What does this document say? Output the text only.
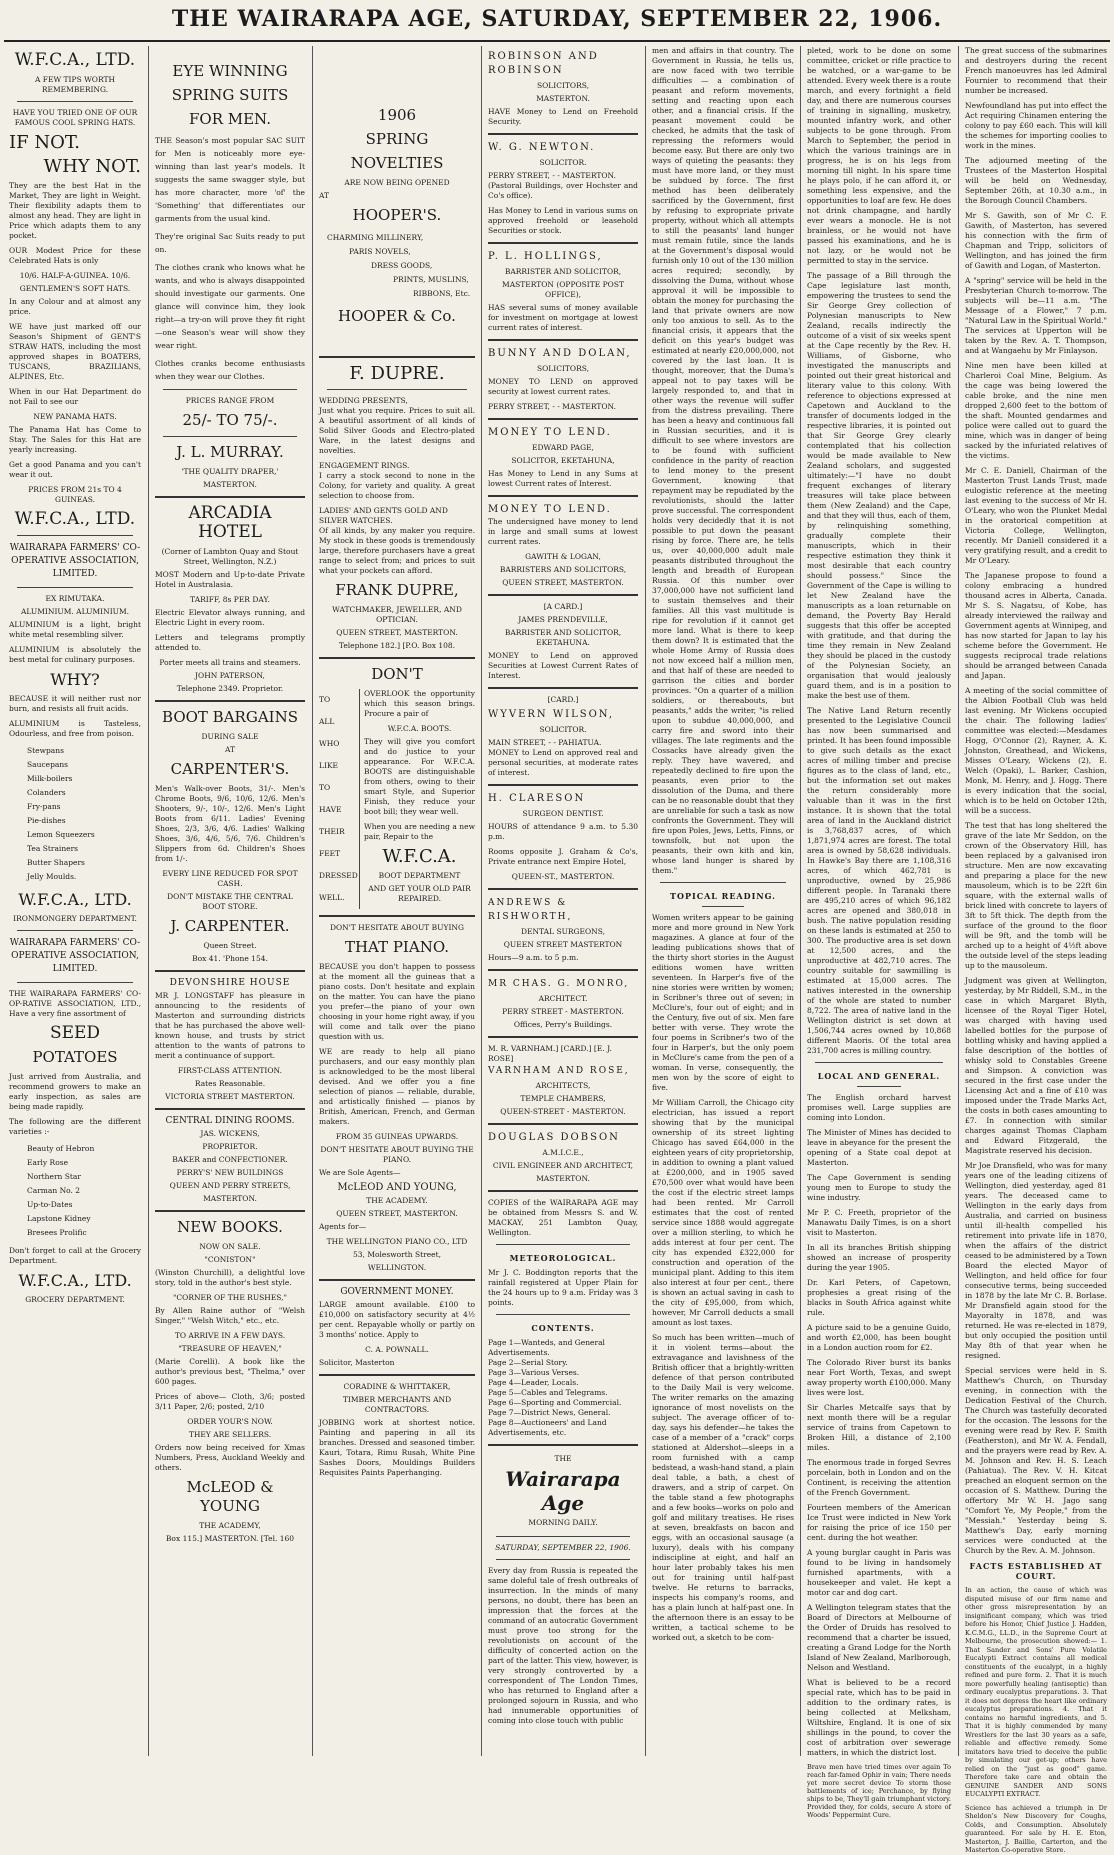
THE WAIRARAPA AGE, SATURDAY, SEPTEMBER 22, 1906.
W.F.C.A., LTD.
A FEW TIPS WORTH REMEMBERING.
HAVE YOU TRIED ONE OF OUR FAMOUS COOL SPRING HATS.
IF NOT.
WHY NOT.

They are the best Hat in the Market, They are light in Weight. Their flexibility adapts them to almost any head. They are light in Price which adapts them to any pocket.

OUR Modest Price for these Celebrated Hats is only

10/6. HALF-A-GUINEA. 10/6.
GENTLEMEN'S SOFT HATS.

In any Colour and at almost any price.

WE have just marked off our Season's Shipment of GENT'S STRAW HATS, including the most approved shapes in BOATERS, TUSCANS, BRAZILIANS, ALPINES, Etc.

When in our Hat Department do not Fail to see our

NEW PANAMA HATS.

The Panama Hat has Come to Stay. The Sales for this Hat are yearly increasing.

Get a good Panama and you can't wear it out.

PRICES FROM 21s TO 4 GUINEAS.
W.F.C.A., LTD.
WAIRARAPA FARMERS' CO-OPERATIVE ASSOCIATION, LIMITED.
EX RIMUTAKA.
ALUMINIUM. ALUMINIUM.

ALUMINIUM is a light, bright white metal resembling silver.

ALUMINIUM is absolutely the best metal for culinary purposes.

WHY?

BECAUSE it will neither rust nor burn, and resists all fruit acids.

ALUMINIUM is Tasteless, Odourless, and free from poison.

Stewpans
Saucepans
Milk-boilers
Colanders
Fry-pans
Pie-dishes
Lemon Squeezers
Tea Strainers
Butter Shapers
Jelly Moulds.
W.F.C.A., LTD.
IRONMONGERY DEPARTMENT.
WAIRARAPA FARMERS' CO-OPERATIVE ASSOCIATION, LIMITED.

THE WAIRARAPA FARMERS' CO-OP-RATIVE ASSOCIATION, LTD., Have a very fine assortment of

SEED
POTATOES

Just arrived from Australia, and recommend growers to make an early inspection, as sales are being made rapidly.

The following are the different varieties :-

Beauty of Hebron
Early Rose
Northern Star
Carman No. 2
Up-to-Dates
Lapstone Kidney
Bresees Prolific

Don't forget to call at the Grocery Department.

W.F.C.A., LTD.
GROCERY DEPARTMENT.
EYE WINNING
SPRING SUITS
FOR MEN.

THE Season's most popular SAC SUIT for Men is noticeably more eye-winning than last year's models. It suggests the same swagger style, but has more character, more 'of' the 'Something' that differentiates our garments from the usual kind.

They're original Sac Suits ready to put on.

The clothes crank who knows what he wants, and who is always disappointed should investigate our garments. One glance will convince him, they look right—a try-on will prove they fit right—one Season's wear will show they wear right.

Clothes cranks become enthusiasts when they wear our Clothes.

PRICES RANGE FROM
25/- TO 75/-.
J. L. MURRAY.
'THE QUALITY DRAPER,'
MASTERTON.
ARCADIA HOTEL
(Corner of Lambton Quay and Stout Street, Wellington, N.Z.)

MOST Modern and Up-to-date Private Hotel in Australasia.

TARIFF, 8s PER DAY.

Electric Elevator always running, and Electric Light in every room.

Letters and telegrams promptly attended to.

Porter meets all trains and steamers.
JOHN PATERSON,
Telephone 2349. Proprietor.
BOOT BARGAINS
DURING SALE
AT
CARPENTER'S.

Men's Walk-over Boots, 31/-. Men's Chrome Boots, 9/6, 10/6, 12/6. Men's Shooters, 9/-, 10/-, 12/6. Men's Light Boots from 6/11. Ladies' Evening Shoes, 2/3, 3/6, 4/6. Ladies' Walking Shoes, 3/6, 4/6, 5/6, 7/6. Children's Slippers from 6d. Children's Shoes from 1/-.

EVERY LINE REDUCED FOR SPOT CASH.
DON'T MISTAKE THE CENTRAL BOOT STORE.
J. CARPENTER.
Queen Street.
Box 41. 'Phone 154.
DEVONSHIRE HOUSE

MR J. LONGSTAFF has pleasure in announcing to the residents of Masterton and surrounding districts that he has purchased the above well-known house, and trusts by strict attention to the wants of patrons to merit a continuance of support.

FIRST-CLASS ATTENTION.
Rates Reasonable.
VICTORIA STREET MASTERTON.
CENTRAL DINING ROOMS.
JAS. WICKENS,
PROPRIETOR.
BAKER and CONFECTIONER.
PERRY'S' NEW BUILDINGS
QUEEN AND PERRY STREETS,
MASTERTON.
NEW BOOKS.
NOW ON SALE.
"CONISTON"

(Winston Churchill), a delightful love story, told in the author's best style.

"CORNER OF THE RUSHES,"

By Allen Raine author of "Welsh Singer," "Welsh Witch," etc., etc.

TO ARRIVE IN A FEW DAYS.
"TREASURE OF HEAVEN,"

(Marie Corelli). A book like the author's previous best, "Thelma," over 600 pages.

Prices of above— Cloth, 3/6; posted 3/11 Paper, 2/6; posted, 2/10

ORDER YOUR'S NOW.
THEY ARE SELLERS.

Orders now being received for Xmas Numbers, Press, Auckland Weekly and others.

McLEOD & YOUNG
THE ACADEMY,
Box 115.] MASTERTON. [Tel. 160
1906
SPRING
NOVELTIES
ARE NOW BEING OPENED
AT
HOOPER'S.
CHARMING MILLINERY,
PARIS NOVELS,
DRESS GOODS,
PRINTS, MUSLINS,
RIBBONS, Etc.
HOOPER & Co.
F. DUPRE.
WEDDING PRESENTS,

Just what you require. Prices to suit all. A beautiful assortment of all kinds of Solid Silver Goods and Electro-plated Ware, in the latest designs and novelties.

ENGAGEMENT RINGS.

I carry a stock second to none in the Colony, for variety and quality. A great selection to choose from.

LADIES' AND GENTS GOLD AND SILVER WATCHES.

Of all kinds, by any maker you require. My stock in these goods is tremendously large, therefore purchasers have a great range to select from; and prices to suit what your pockets can afford.

FRANK DUPRE,
WATCHMAKER, JEWELLER, AND OPTICIAN.
QUEEN STREET, MASTERTON.
Telephone 182.] [P.O. Box 108.
DON'T
TO
ALL
WHO
LIKE
TO
HAVE
THEIR
FEET
DRESSED
WELL.

OVERLOOK the opportunity which this season brings. Procure a pair of

W.F.C.A. BOOTS.

They will give you comfort and do justice to your appearance. For W.F.C.A. BOOTS are distinguishable from others, owing to their smart Style, and Superior Finish, they reduce your boot bill; they wear well.

When you are needing a new pair, Repair to the

W.F.C.A.
BOOT DEPARTMENT
AND GET YOUR OLD PAIR REPAIRED.
DON'T HESITATE ABOUT BUYING
THAT PIANO.

BECAUSE you don't happen to possess at the moment all the guineas that a piano costs. Don't hesitate and explain on the matter. You can have the piano you prefer—the piano of your own choosing in your home right away, if you will come and talk over the piano question with us.

WE are ready to help all piano purchasers, and our easy monthly plan is acknowledged to be the most liberal devised. And we offer you a fine selection of pianos — reliable, durable, and artistically finished — pianos by British, American, French, and German makers.

FROM 35 GUINEAS UPWARDS.
DON'T HESITATE ABOUT BUYING THE PIANO.

We are Sole Agents—

McLEOD AND YOUNG,
THE ACADEMY.
QUEEN STREET, MASTERTON.

Agents for—

THE WELLINGTON PIANO CO., LTD
53, Molesworth Street,
WELLINGTON.
GOVERNMENT MONEY.

LARGE amount available. £100 to £10,000 on satisfactory security at 4½ per cent. Repayable wholly or partly on 3 months' notice. Apply to

C. A. POWNALL.

Solicitor, Masterton

CORADINE & WHITTAKER,
TIMBER MERCHANTS AND CONTRACTORS.

JOBBING work at shortest notice. Painting and papering in all its branches. Dressed and seasoned timber. Kauri, Totara, Rimu Rusah, White Pine Sashes Doors, Mouldings Builders Requisites Paints Paperhanging.

ROBINSON AND ROBINSON
SOLICITORS,
MASTERTON.

HAVE Money to Lend on Freehold Security.

W. G. NEWTON.
SOLICITOR.
PERRY STREET, - - MASTERTON.

(Pastoral Buildings, over Hochster and Co's office).

Has Money to Lend in various sums on approved freehold or leasehold Securities or stock.

P. L. HOLLINGS,
BARRISTER AND SOLICITOR,
MASTERTON (OPPOSITE POST OFFICE),

HAS several sums of money available for investment on mortgage at lowest current rates of interest.

BUNNY AND DOLAN,
SOLICITORS,

MONEY TO LEND on approved security at lowest current rates.

PERRY STREET, - - MASTERTON.
MONEY TO LEND.
EDWARD PAGE,
SOLICITOR, EKETAHUNA,

Has Money to Lend in any Sums at lowest Current rates of Interest.

MONEY TO LEND.

The undersigned have money to lend in large and small sums at lowest current rates.

GAWITH & LOGAN,
BARRISTERS AND SOLICITORS,
QUEEN STREET, MASTERTON.
[A CARD.]
JAMES PRENDEVILLE,
BARRISTER AND SOLICITOR, EKETAHUNA.

MONEY to Lend on approved Securities at Lowest Current Rates of Interest.

[CARD.]
WYVERN WILSON,
SOLICITOR.
MAIN STREET, - - PAHIATUA.

MONEY to Lend on approved real and personal securities, at moderate rates of interest.

H. CLARESON
SURGEON DENTIST.

HOURS of attendance 9 a.m. to 5.30 p.m.

Rooms opposite J. Graham & Co's, Private entrance next Empire Hotel,

QUEEN-ST., MASTERTON.
ANDREWS & RISHWORTH,
DENTAL SURGEONS,
QUEEN STREET MASTERTON

Hours—9 a.m. to 5 p.m.

MR CHAS. G. MONRO,
ARCHITECT.
PERRY STREET - MASTERTON.
Offices, Perry's Buildings.
M. R. VARNHAM.] [CARD.] [E. J. ROSE]
VARNHAM AND ROSE,
ARCHITECTS,
TEMPLE CHAMBERS,
QUEEN-STREET - MASTERTON.
DOUGLAS DOBSON
A.M.I.C.E.,
CIVIL ENGINEER AND ARCHITECT,
MASTERTON.

COPIES of the WAIRARAPA AGE may be obtained from Messrs S. and W. MACKAY, 251 Lambton Quay, Wellington.

METEOROLOGICAL.

Mr J. C. Boddington reports that the rainfall registered at Upper Plain for the 24 hours up to 9 a.m. Friday was 3 points.

CONTENTS.
Page 1—Wanteds, and General Advertisements.
Page 2—Serial Story.
Page 3—Various Verses.
Page 4—Leader, Locals.
Page 5—Cables and Telegrams.
Page 6—Sporting and Commercial.
Page 7—District News, General.
Page 8—Auctioneers' and Land Advertisements, etc.
THE
Wairarapa Age
MORNING DAILY.
SATURDAY, SEPTEMBER 22, 1906.

Every day from Russia is repeated the same doleful tale of fresh outbreaks of insurrection. In the minds of many persons, no doubt, there has been an impression that the forces at the command of an autocratic Government must prove too strong for the revolutionists on account of the difficulty of concerted action on the part of the latter. This view, however, is very strongly controverted by a correspondent of The London Times, who has returned to England after a prolonged sojourn in Russia, and who had innumerable opportunities of coming into close touch with public

men and affairs in that country. The Government in Russia, he tells us, are now faced with two terrible difficulties — a combination of peasant and reform movements, setting and reacting upon each other, and a financial crisis. If the peasant movement could be checked, he admits that the task of repressing the reformers would become easy. But there are only two ways of quieting the peasants: they must have more land, or they must be subdued by force. The first method has been deliberately sacrificed by the Government, first by refusing to expropriate private property, without which all attempts to still the peasants' land hunger must remain futile, since the lands at the Government's disposal would furnish only 10 out of the 130 million acres required; secondly, by dissolving the Duma, without whose approval it will be impossible to obtain the money for purchasing the land that private owners are now only too anxious to sell. As to the financial crisis, it appears that the deficit on this year's budget was estimated at nearly £20,000,000, not covered by the last loan. It is thought, moreover, that the Duma's appeal not to pay taxes will be largely responded to, and that in other ways the revenue will suffer from the distress prevailing. There has been a heavy and continuous fall in Russian securities, and it is difficult to see where investors are to be found with sufficient confidence in the parity of reaction to lend money to the present Government, knowing that repayment may be repudiated by the revolutionists, should the latter prove successful. The correspondent holds very decidedly that it is not possible to put down the peasant rising by force. There are, he tells us, over 40,000,000 adult male peasants distributed throughout the length and breadth of European Russia. Of this number over 37,000,000 have not sufficient land to sustain themselves and their families. All this vast multitude is ripe for revolution if it cannot get more land. What is there to keep them down? It is estimated that the whole Home Army of Russia does not now exceed half a million men, and that half of these are needed to garrison the cities and border provinces. "On a quarter of a million soldiers, or thereabouts, but peasants," adds the writer, "is relied upon to subdue 40,000,000, and carry fire and sword into their villages. The late regiments and the Cossacks have already given the reply. They have wavered, and repeatedly declined to fire upon the peasants, even prior to the dissolution of the Duma, and there can be no reasonable doubt that they are unreliable for such a task as now confronts the Government. They will fire upon Poles, Jews, Letts, Finns, or townsfolk, but not upon the peasants, their own kith and kin, whose land hunger is shared by them."

TOPICAL READING.

Women writers appear to be gaining more and more ground in New York magazines. A glance at four of the leading publications shows that of the thirty short stories in the August editions women have written seventeen. In Harper's five of the nine stories were written by women; in Scribner's three out of seven; in McClure's, four out of eight; and in the Century, five out of six. Men fare better with verse. They wrote the four poems in Scribner's two of the four in Harper's, but the only poem in McClure's came from the pen of a woman. In verse, consequently, the men won by the score of eight to five.

Mr William Carroll, the Chicago city electrician, has issued a report showing that by the municipal ownership of its street lighting Chicago has saved £64,000 in the eighteen years of city proprietorship, in addition to owning a plant valued at £200,000, and in 1905 saved £70,500 over what would have been the cost if the electric street lamps had been rented. Mr Carroll estimates that the cost of rented service since 1888 would aggregate over a million sterling, to which he adds interest at four per cent. The city has expended £322,000 for construction and operation of the municipal plant. Adding to this item also interest at four per cent., there is shown an actual saving in cash to the city of £95,000, from which, however, Mr Carroll deducts a small amount as lost taxes.

So much has been written—much of it in violent terms—about the extravagance and lavishness of the British officer that a brightly-written defence of that person contributed to the Daily Mail is very welcome. The writer remarks on the amazing ignorance of most novelists on the subject. The average officer of to-day, says his defender—he takes the case of a member of a "crack" corps stationed at Aldershot—sleeps in a room furnished with a camp bedstead, a wash-hand stand, a plain deal table, a bath, a chest of drawers, and a strip of carpet. On the table stand a few photographs and a few books—works on polo and golf and military treatises. He rises at seven, breakfasts on bacon and eggs, with an occasional sausage (a luxury), deals with his company indiscipline at eight, and half an hour later probably takes his men out for training until half-past twelve. He returns to barracks, inspects his company's rooms, and has a plain lunch at half-past one. In the afternoon there is an essay to be written, a tactical scheme to be worked out, a sketch to be com-

pleted, work to be done on some committee, cricket or rifle practice to be watched, or a war-game to be attended. Every week there is a route march, and every fortnight a field day, and there are numerous courses of training in signalling, musketry, mounted infantry work, and other subjects to be gone through. From March to September, the period in which the various trainings are in progress, he is on his legs from morning till night. In his spare time he plays polo, if he can afford it, or something less expensive, and the opportunities to loaf are few. He does not drink champagne, and hardly ever wears a monocle. He is not brainless, or he would not have passed his examinations, and he is not lazy, or he would not be permitted to stay in the service.

The passage of a Bill through the Cape legislature last month, empowering the trustees to send the Sir George Grey collection of Polynesian manuscripts to New Zealand, recalls indirectly the outcome of a visit of six weeks spent at the Cape recently by the Rev. H. Williams, of Gisborne, who investigated the manuscripts and pointed out their great historical and literary value to this colony. With reference to objections expressed at Capetown and Auckland to the transfer of documents lodged in the respective libraries, it is pointed out that Sir George Grey clearly contemplated that his collection would be made available to New Zealand scholars, and suggested ultimately:—"I have no doubt frequent exchanges of literary treasures will take place between them (New Zealand) and the Cape, and that they will thus, each of them, by relinquishing something, gradually complete their manuscripts, which in their respective estimation they think it most desirable that each country should possess." Since the Government of the Cape is willing to let New Zealand have the manuscripts as a loan returnable on demand, the Poverty Bay Herald suggests that this offer be accepted with gratitude, and that during the time they remain in New Zealand they should be placed in the custody of the Polynesian Society, an organisation that would jealously guard them, and is in a position to make the best use of them.

The Native Land Return recently presented to the Legislative Council has now been summarised and printed. It has been found impossible to give such details as the exact acres of milling timber and precise figures as to the class of land, etc., but the information set out makes the return considerably more valuable than it was in the first instance. It is shown that the total area of land in the Auckland district is 3,768,837 acres, of which 1,871,974 acres are forest. The total area is owned by 58,628 individuals. In Hawke's Bay there are 1,108,316 acres, of which 462,781 is unproductive, owned by 25,986 different people. In Taranaki there are 495,210 acres of which 96,182 acres are opened and 380,018 in bush. The native population residing on these lands is estimated at 250 to 300. The productive area is set down at 12,500 acres, and the unproductive at 482,710 acres. The country suitable for sawmilling is estimated at 15,000 acres. The natives interested in the ownership of the whole are stated to number 8,722. The area of native land in the Wellington district is set down at 1,506,744 acres owned by 10,868 different Maoris. Of the total area 231,700 acres is milling country.

LOCAL AND GENERAL.

The English orchard harvest promises well. Large supplies are coming into London.

The Minister of Mines has decided to leave in abeyance for the present the opening of a State coal depot at Masterton.

The Cape Government is sending young men to Europe to study the wine industry.

Mr P. C. Freeth, proprietor of the Manawatu Daily Times, is on a short visit to Masterton.

In all its branches British shipping showed an increase of prosperity during the year 1905.

Dr. Karl Peters, of Capetown, prophesies a great rising of the blacks in South Africa against white rule.

A picture said to be a genuine Guido, and worth £2,000, has been bought in a London auction room for £2.

The Colorado River burst its banks near Fort Worth, Texas, and swept away property worth £100,000. Many lives were lost.

Sir Charles Metcalfe says that by next month there will be a regular service of trains from Capetown to Broken Hill, a distance of 2,100 miles.

The enormous trade in forged Sevres porcelain, both in London and on the Continent, is receiving the attention of the French Government.

Fourteen members of the American Ice Trust were indicted in New York for raising the price of ice 150 per cent. during the hot weather.

A young burglar caught in Paris was found to be living in handsomely furnished apartments, with a housekeeper and valet. He kept a motor car and dog cart.

A Wellington telegram states that the Board of Directors at Melbourne of the Order of Druids has resolved to recommend that a charter be issued, creating a Grand Lodge for the North Island of New Zealand, Marlborough, Nelson and Westland.

What is believed to be a record special rate, which has to be paid in addition to the ordinary rates, is being collected at Melksham, Wiltshire, England. It is one of six shillings in the pound, to cover the cost of arbitration over sewerage matters, in which the district lost.

Brave men have tried times over again To reach far-famed Ophir in vain; There needs yet more secret device To storm those battlements of ice; Perchance, by flying ships to be, They'll gain triumphant victory. Provided they, for colds, secure A store of Woods' Peppermint Cure.

The great success of the submarines and destroyers during the recent French manoeuvres has led Admiral Fournier to recommend that their number be increased.

Newfoundland has put into effect the Act requiring Chinamen entering the colony to pay £60 each. This will kill the schemes for importing coolies to work in the mines.

The adjourned meeting of the Trustees of the Masterton Hospital will be held on Wednesday, September 26th, at 10.30 a.m., in the Borough Council Chambers.

Mr S. Gawith, son of Mr C. F. Gawith, of Masterton, has severed his connection with the firm of Chapman and Tripp, solicitors of Wellington, and has joined the firm of Gawith and Logan, of Masterton.

A "spring" service will be held in the Presbyterian Church to-morrow. The subjects will be—11 a.m. "The Message of a Flower," 7 p.m. "Natural Law in the Spiritual World." The services at Upperton will be taken by the Rev. A. T. Thompson, and at Wangaehu by Mr Finlayson.

Nine men have been killed at Charleroi Coal Mine, Belgium. As the cage was being lowered the cable broke, and the nine men dropped 2,600 feet to the bottom of the shaft. Mounted gendarmes and police were called out to guard the mine, which was in danger of being sacked by the infuriated relatives of the victims.

Mr C. E. Daniell, Chairman of the Masterton Trust Lands Trust, made eulogistic reference at the meeting last evening to the success of Mr H. O'Leary, who won the Plunket Medal in the oratorical competition at Victoria College, Wellington, recently. Mr Daniell considered it a very gratifying result, and a credit to Mr O'Leary.

The Japanese propose to found a colony embracing a hundred thousand acres in Alberta, Canada. Mr S. S. Nagatsu, of Kobe, has already interviewed the railway and Government agents at Winnipeg, and has now started for Japan to lay his scheme before the Government. He suggests reciprocal trade relations should be arranged between Canada and Japan.

A meeting of the social committee of the Albion Football Club was held last evening. Mr Wickens occupied the chair. The following ladies' committee was elected:—Mesdames Hogg, O'Connor (2), Rayner, A. K. Johnston, Greathead, and Wickens, Misses O'Leary, Wickens (2), E. Welch (Opaki), L. Barker, Cashion, Monk, M. Henry, and J. Hogg. There is every indication that the social, which is to be held on October 12th, will be a success.

The test that has long sheltered the grave of the late Mr Seddon, on the crown of the Observatory Hill, has been replaced by a galvanised iron structure. Men are now excavating and preparing a place for the new mausoleum, which is to be 22ft 6in square, with the external walls of brick lined with concrete to layers of 3ft to 5ft thick. The depth from the surface of the ground to the floor will be 9ft, and the tomb will be arched up to a height of 4½ft above the outside level of the steps leading up to the mausoleum.

Judgment was given at Wellington, yesterday, by Mr Riddell, S.M., in the case in which Margaret Blyth, licensee of the Royal Tiger Hotel, was charged with having used labelled bottles for the purpose of bottling whisky and having applied a false description of the bottles of whisky sold to Constables Greene and Simpson. A conviction was secured in the first case under the Licensing Act and a fine of £10 was imposed under the Trade Marks Act, the costs in both cases amounting to £7. In connection with similar charges against Thomas Clapham and Edward Fitzgerald, the Magistrate reserved his decision.

Mr Joe Dransfield, who was for many years one of the leading citizens of Wellington, died yesterday, aged 81 years. The deceased came to Wellington in the early days from Australia, and carried on business until ill-health compelled his retirement into private life in 1870, when the affairs of the district ceased to be administered by a Town Board the elected Mayor of Wellington, and held office for four consecutive terms, being succeeded in 1878 by the late Mr C. B. Borlase. Mr Dransfield again stood for the Mayoralty in 1878, and was returned. He was re-elected in 1879, but only occupied the position until May 8th of that year when he resigned.

Special services were held in S. Matthew's Church, on Thursday evening, in connection with the Dedication Festival of the Church. The Church was tastefully decorated for the occasion. The lessons for the evening were read by Rev. F. Smith (Featherston), and Mr W. A. Fendall, and the prayers were read by Rev. A. M. Johnson and Rev. H. S. Leach (Pahiatua). The Rev. V. H. Kitcat preached an eloquent sermon on the occasion of S. Matthew. During the offertory Mr W. H. Jago sang "Comfort Ye, My People," from the "Messiah." Yesterday being S. Matthew's Day, early morning services were conducted at the Church by the Rev. A. M. Johnson.

FACTS ESTABLISHED AT COURT.

In an action, the cause of which was disputed misuse of our firm name and other gross misrepresentation by an insignificant company, which was tried before his Honor, Chief Justice J. Hadden, K.C.M.G., LL.D., in the Supreme Court at Melbourne, the prosecution showed:— 1. That Sander and Sons' Pure Volatile Eucalypti Extract contains all medical constituents of the eucalypt, in a highly refined and pure form. 2. That it is much more powerfully healing (antiseptic) than ordinary eucalyptus preparations. 3. That it does not depress the heart like ordinary eucalyptus preparations. 4. That it contains no harmful ingredients, and 5. That it is highly commended by many Wrestlers for the last 30 years as a safe, reliable and effective remedy. Some imitators have tried to deceive the public by simulating our get-up; others have relied on the "just as good" game. Therefore take care and obtain the GENUINE SANDER AND SONS EUCALYPTI EXTRACT.

Science has achieved a triumph in Dr Sheldon's New Discovery for Coughs, Colds, and Consumption. Absolutely guaranteed. For sale by H. E. Eton, Masterton, J. Baillie, Carterton, and the Masterton Co-operative Store.
